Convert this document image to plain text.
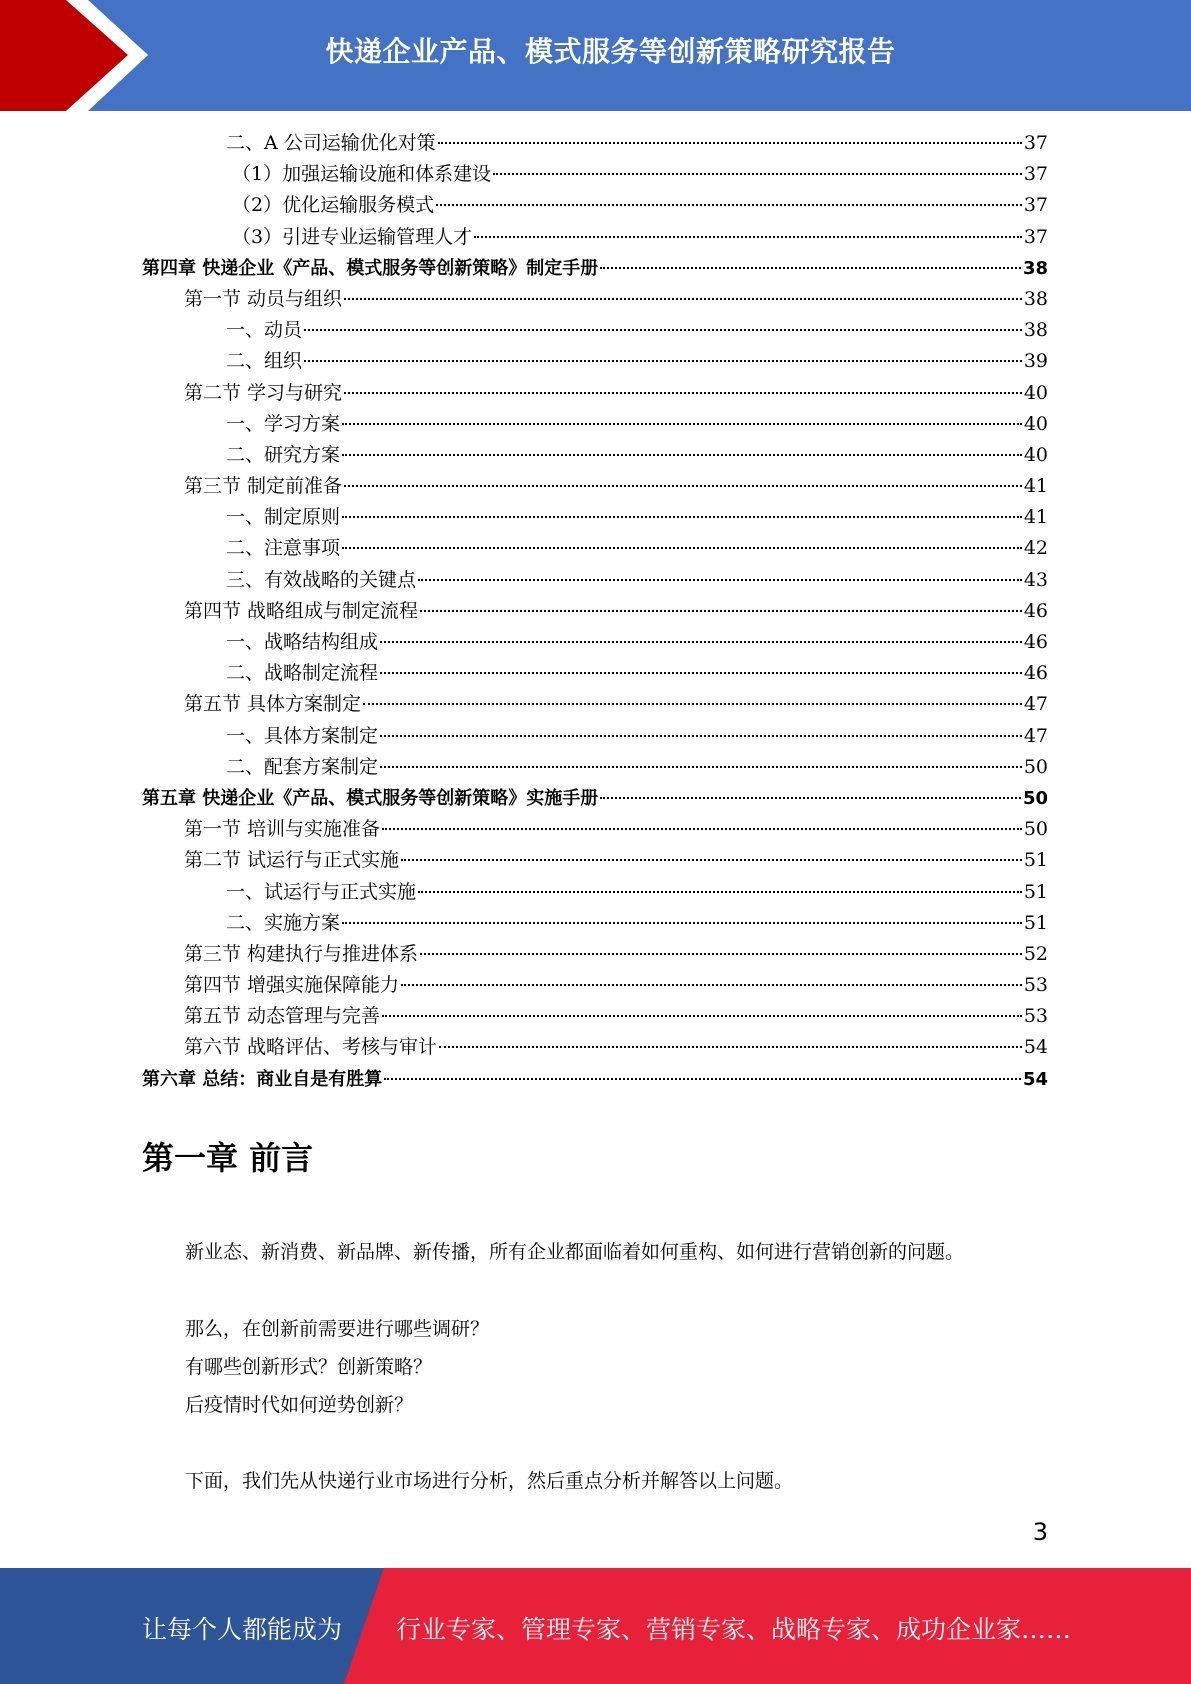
快递企业产品、模式服务等创新策略研究报告
二、A 公司运输优化对策	37
（1）加强运输设施和体系建设	37
（2）优化运输服务模式	37
（3）引进专业运输管理人才	37
第四章 快递企业《产品、模式服务等创新策略》制定手册	38
第一节 动员与组织	38
一、动员	38
二、组织	39
第二节 学习与研究	40
一、学习方案	40
二、研究方案	40
第三节 制定前准备	41
一、制定原则	41
二、注意事项	42
三、有效战略的关键点	43
第四节 战略组成与制定流程	46
一、战略结构组成	46
二、战略制定流程	46
第五节 具体方案制定	47
一、具体方案制定	47
二、配套方案制定	50
第五章 快递企业《产品、模式服务等创新策略》实施手册	50
第一节 培训与实施准备	50
第二节 试运行与正式实施	51
一、试运行与正式实施	51
二、实施方案	51
第三节 构建执行与推进体系	52
第四节 增强实施保障能力	53
第五节 动态管理与完善	53
第六节 战略评估、考核与审计	54
第六章 总结：商业自是有胜算	54
第一章 前言
新业态、新消费、新品牌、新传播，所有企业都面临着如何重构、如何进行营销创新的问题。
那么，在创新前需要进行哪些调研？
有哪些创新形式？创新策略？
后疫情时代如何逆势创新？
下面，我们先从快递行业市场进行分析，然后重点分析并解答以上问题。
3
让每个人都能成为 行业专家、管理专家、营销专家、战略专家、成功企业家……
